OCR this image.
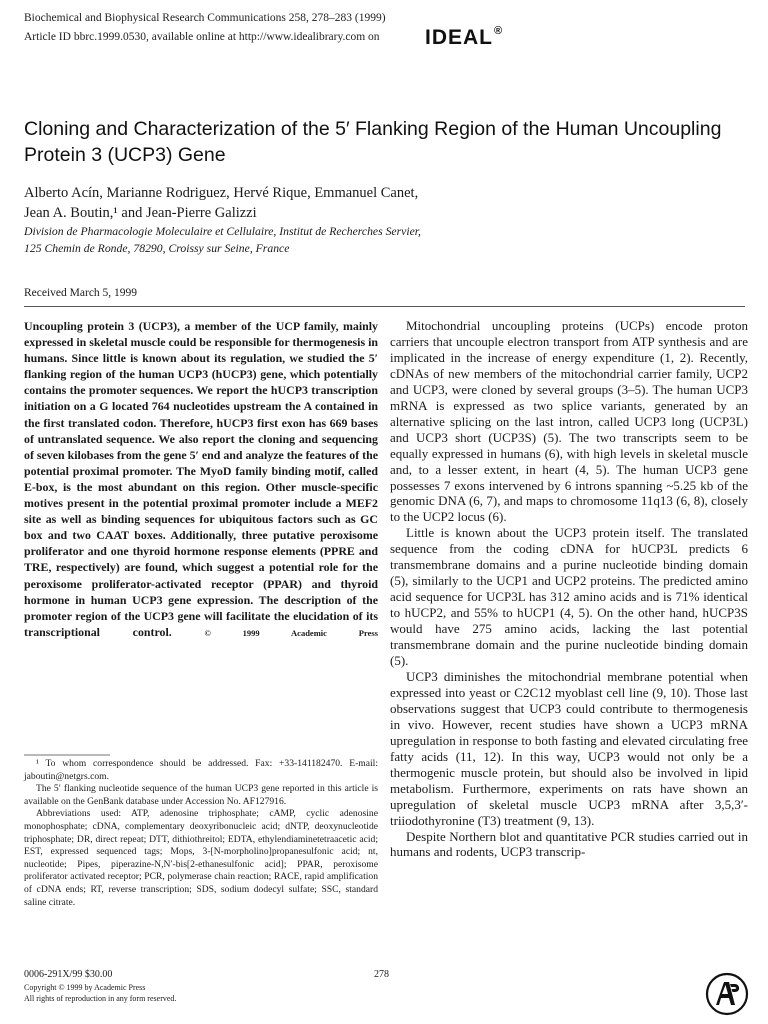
Biochemical and Biophysical Research Communications 258, 278–283 (1999)
Article ID bbrc.1999.0530, available online at http://www.idealibrary.com on IDEAL®
Cloning and Characterization of the 5′ Flanking Region of the Human Uncoupling Protein 3 (UCP3) Gene
Alberto Acín, Marianne Rodriguez, Hervé Rique, Emmanuel Canet,
Jean A. Boutin,¹ and Jean-Pierre Galizzi
Division de Pharmacologie Moleculaire et Cellulaire, Institut de Recherches Servier,
125 Chemin de Ronde, 78290, Croissy sur Seine, France
Received March 5, 1999

Uncoupling protein 3 (UCP3), a member of the UCP family, mainly expressed in skeletal muscle could be responsible for thermogenesis in humans. Since little is known about its regulation, we studied the 5′ flanking region of the human UCP3 (hUCP3) gene, which potentially contains the promoter sequences. We report the hUCP3 transcription initiation on a G located 764 nucleotides upstream the A contained in the first translated codon. Therefore, hUCP3 first exon has 669 bases of untranslated sequence. We also report the cloning and sequencing of seven kilobases from the gene 5′ end and analyze the features of the potential proximal promoter. The MyoD family binding motif, called E-box, is the most abundant on this region. Other muscle-specific motives present in the potential proximal promoter include a MEF2 site as well as binding sequences for ubiquitous factors such as GC box and two CAAT boxes. Additionally, three putative peroxisome proliferator and one thyroid hormone response elements (PPRE and TRE, respectively) are found, which suggest a potential role for the peroxisome proliferator-activated receptor (PPAR) and thyroid hormone in human UCP3 gene expression. The description of the promoter region of the UCP3 gene will facilitate the elucidation of its transcriptional control.	© 1999 Academic Press

¹ To whom correspondence should be addressed. Fax: +33-141182470. E-mail: jaboutin@netgrs.com.

The 5′ flanking nucleotide sequence of the human UCP3 gene reported in this article is available on the GenBank database under Accession No. AF127916.

Abbreviations used: ATP, adenosine triphosphate; cAMP, cyclic adenosine monophosphate; cDNA, complementary deoxyribonucleic acid; dNTP, deoxynucleotide triphosphate; DR, direct repeat; DTT, dithiothreitol; EDTA, ethylendiaminetetraacetic acid; EST, expressed sequenced tags; Mops, 3-[N-morpholino]propanesulfonic acid; nt, nucleotide; Pipes, piperazine-N,N′-bis[2-ethanesulfonic acid]; PPAR, peroxisome proliferator activated receptor; PCR, polymerase chain reaction; RACE, rapid amplification of cDNA ends; RT, reverse transcription; SDS, sodium dodecyl sulfate; SSC, standard saline citrate.

Mitochondrial uncoupling proteins (UCPs) encode proton carriers that uncouple electron transport from ATP synthesis and are implicated in the increase of energy expenditure (1, 2). Recently, cDNAs of new members of the mitochondrial carrier family, UCP2 and UCP3, were cloned by several groups (3–5). The human UCP3 mRNA is expressed as two splice variants, generated by an alternative splicing on the last intron, called UCP3 long (UCP3L) and UCP3 short (UCP3S) (5). The two transcripts seem to be equally expressed in humans (6), with high levels in skeletal muscle and, to a lesser extent, in heart (4, 5). The human UCP3 gene possesses 7 exons intervened by 6 introns spanning ~5.25 kb of the genomic DNA (6, 7), and maps to chromosome 11q13 (6, 8), closely to the UCP2 locus (6).

Little is known about the UCP3 protein itself. The translated sequence from the coding cDNA for hUCP3L predicts 6 transmembrane domains and a purine nucleotide binding domain (5), similarly to the UCP1 and UCP2 proteins. The predicted amino acid sequence for UCP3L has 312 amino acids and is 71% identical to hUCP2, and 55% to hUCP1 (4, 5). On the other hand, hUCP3S would have 275 amino acids, lacking the last potential transmembrane domain and the purine nucleotide binding domain (5).

UCP3 diminishes the mitochondrial membrane potential when expressed into yeast or C2C12 myoblast cell line (9, 10). Those last observations suggest that UCP3 could contribute to thermogenesis in vivo. However, recent studies have shown a UCP3 mRNA upregulation in response to both fasting and elevated circulating free fatty acids (11, 12). In this way, UCP3 would not only be a thermogenic muscle protein, but should also be involved in lipid metabolism. Furthermore, experiments on rats have shown an upregulation of skeletal muscle UCP3 mRNA after 3,5,3′-triiodothyronine (T3) treatment (9, 13).

Despite Northern blot and quantitative PCR studies carried out in humans and rodents, UCP3 transcrip-

0006-291X/99 $30.00
Copyright © 1999 by Academic Press
All rights of reproduction in any form reserved.
278
